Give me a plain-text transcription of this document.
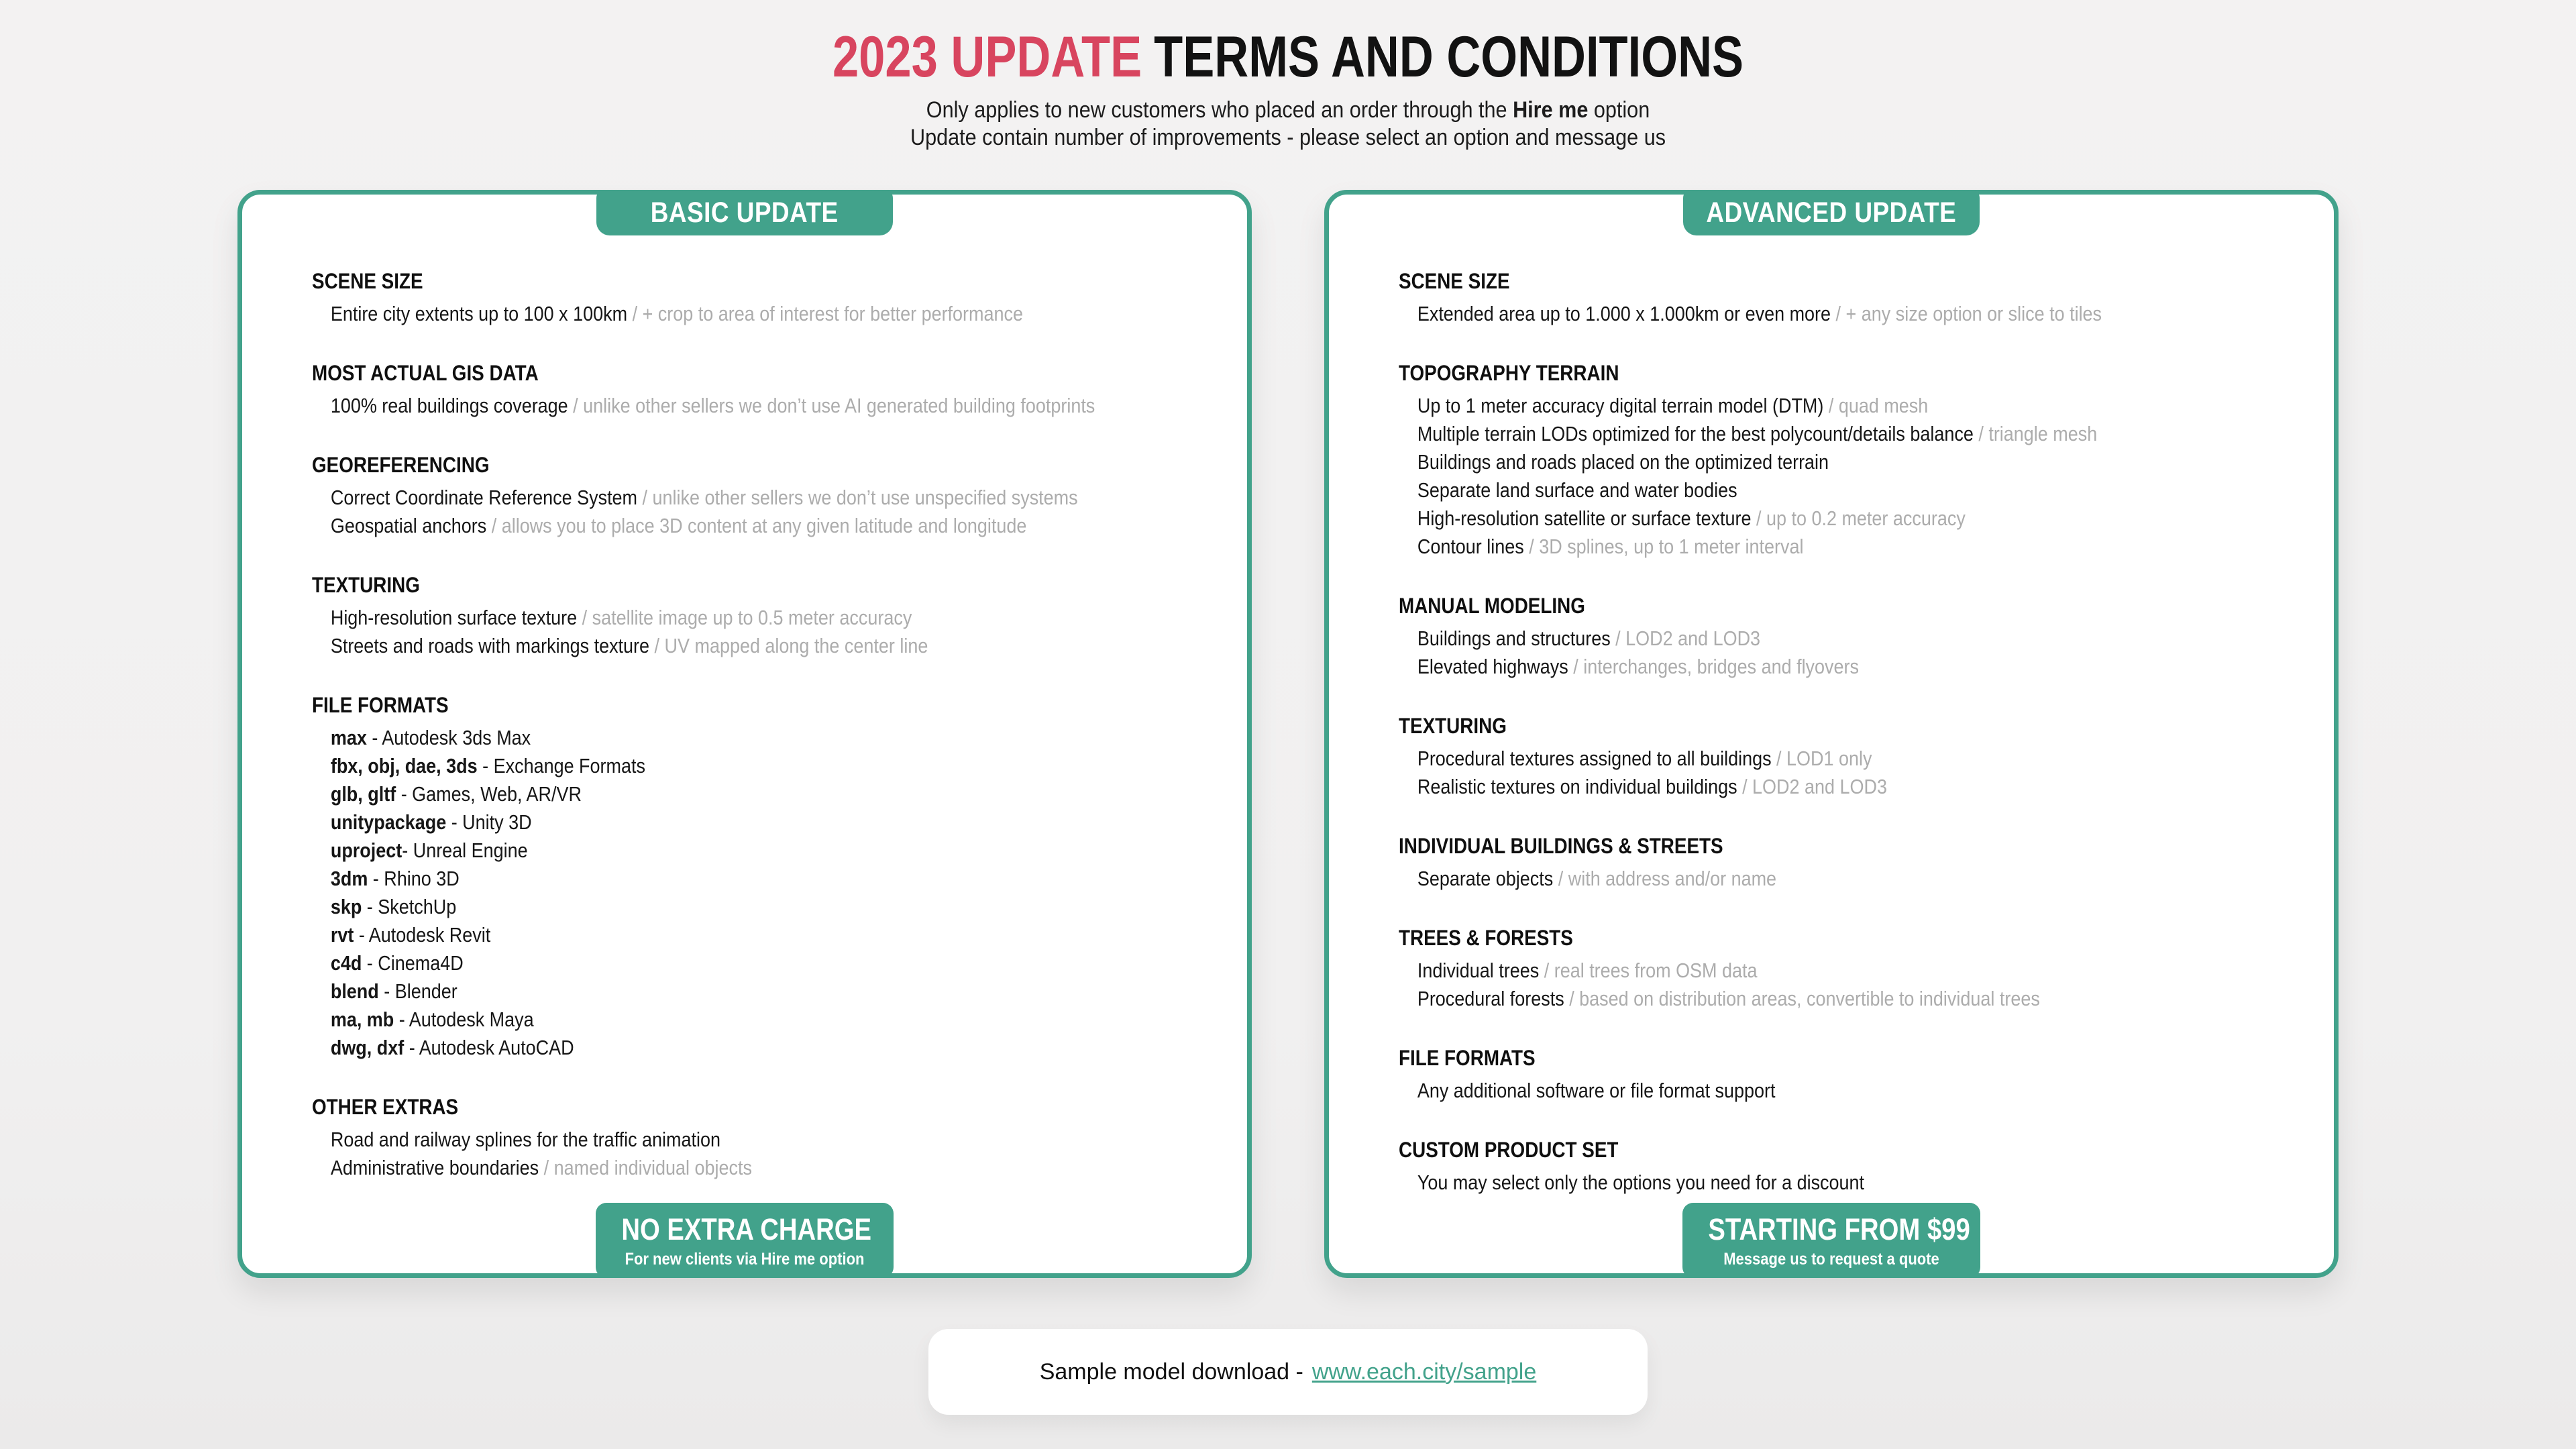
2023 UPDATE TERMS AND CONDITIONS

Only applies to new customers who placed an order through the Hire me option

Update contain number of improvements - please select an option and message us

BASIC UPDATE
SCENE SIZE
Entire city extents up to 100 x 100km / + crop to area of interest for better performance
MOST ACTUAL GIS DATA
100% real buildings coverage / unlike other sellers we don’t use AI generated building footprints
GEOREFERENCING
Correct Coordinate Reference System / unlike other sellers we don’t use unspecified systems
Geospatial anchors / allows you to place 3D content at any given latitude and longitude
TEXTURING
High-resolution surface texture / satellite image up to 0.5 meter accuracy
Streets and roads with markings texture / UV mapped along the center line
FILE FORMATS
max - Autodesk 3ds Max
fbx, obj, dae, 3ds - Exchange Formats
glb, gltf - Games, Web, AR/VR
unitypackage - Unity 3D
uproject- Unreal Engine
3dm - Rhino 3D
skp - SketchUp
rvt - Autodesk Revit
c4d - Cinema4D
blend - Blender
ma, mb - Autodesk Maya
dwg, dxf - Autodesk AutoCAD
OTHER EXTRAS
Road and railway splines for the traffic animation
Administrative boundaries / named individual objects
NO EXTRA CHARGE
For new clients via Hire me option
ADVANCED UPDATE
SCENE SIZE
Extended area up to 1.000 x 1.000km or even more / + any size option or slice to tiles
TOPOGRAPHY TERRAIN
Up to 1 meter accuracy digital terrain model (DTM) / quad mesh
Multiple terrain LODs optimized for the best polycount/details balance / triangle mesh
Buildings and roads placed on the optimized terrain
Separate land surface and water bodies
High-resolution satellite or surface texture / up to 0.2 meter accuracy
Contour lines / 3D splines, up to 1 meter interval
MANUAL MODELING
Buildings and structures / LOD2 and LOD3
Elevated highways / interchanges, bridges and flyovers
TEXTURING
Procedural textures assigned to all buildings / LOD1 only
Realistic textures on individual buildings / LOD2 and LOD3
INDIVIDUAL BUILDINGS & STREETS
Separate objects / with address and/or name
TREES & FORESTS
Individual trees / real trees from OSM data
Procedural forests / based on distribution areas, convertible to individual trees
FILE FORMATS
Any additional software or file format support
CUSTOM PRODUCT SET
You may select only the options you need for a discount
STARTING FROM $99
Message us to request a quote
Sample model download - www.each.city/sample
